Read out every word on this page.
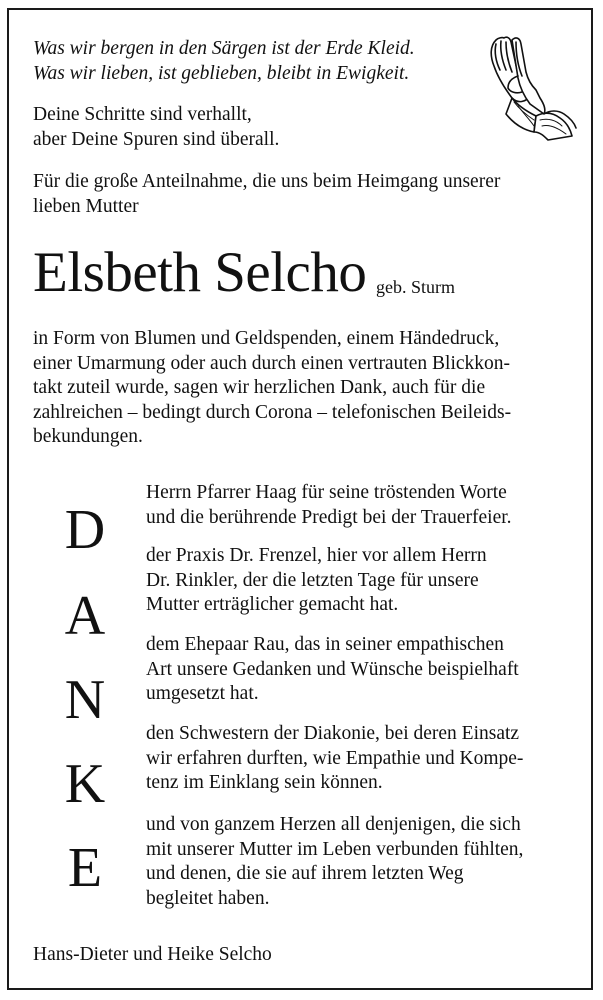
Was wir bergen in den Särgen ist der Erde Kleid.
Was wir lieben, ist geblieben, bleibt in Ewigkeit.
Deine Schritte sind verhallt,
aber Deine Spuren sind überall.
Für die große Anteilnahme, die uns beim Heimgang unserer
lieben Mutter
Elsbeth Selcho geb. Sturm
in Form von Blumen und Geldspenden, einem Händedruck,
einer Umarmung oder auch durch einen vertrauten Blickkon-
takt zuteil wurde, sagen wir herzlichen Dank, auch für die
zahlreichen – bedingt durch Corona – telefonischen Beileids-
bekundungen.
D
A
N
K
E
Herrn Pfarrer Haag für seine tröstenden Worte
und die berührende Predigt bei der Trauerfeier.
der Praxis Dr. Frenzel, hier vor allem Herrn
Dr. Rinkler, der die letzten Tage für unsere
Mutter erträglicher gemacht hat.
dem Ehepaar Rau, das in seiner empathischen
Art unsere Gedanken und Wünsche beispielhaft
umgesetzt hat.
den Schwestern der Diakonie, bei deren Einsatz
wir erfahren durften, wie Empathie und Kompe-
tenz im Einklang sein können.
und von ganzem Herzen all denjenigen, die sich
mit unserer Mutter im Leben verbunden fühlten,
und denen, die sie auf ihrem letzten Weg
begleitet haben.
Hans-Dieter und Heike Selcho
